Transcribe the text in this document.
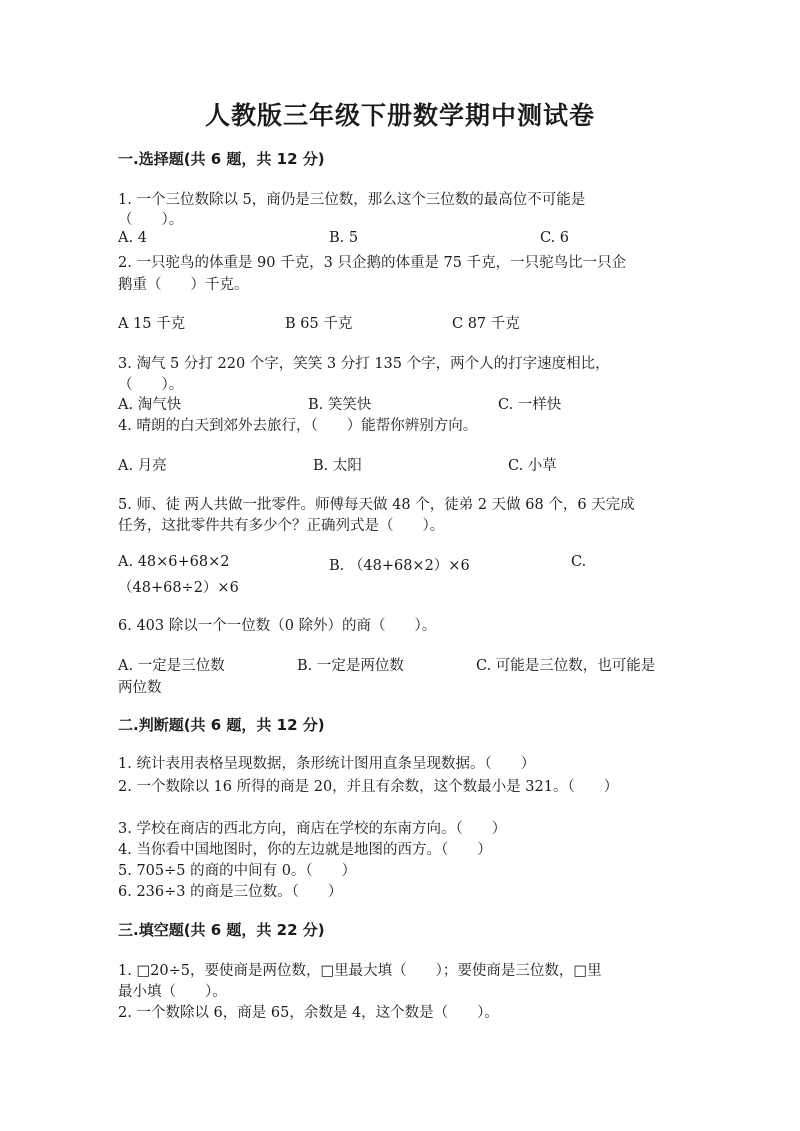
人教版三年级下册数学期中测试卷
一.选择题(共 6 题，共 12 分)
1. 一个三位数除以 5，商仍是三位数，那么这个三位数的最高位不可能是
（　　）。
A. 4	B. 5	C. 6
2. 一只驼鸟的体重是 90 千克，3 只企鹅的体重是 75 千克，一只驼鸟比一只企
鹅重（　　）千克。
A 15 千克	B 65 千克	C 87 千克
3. 淘气 5 分打 220 个字，笑笑 3 分打 135 个字，两个人的打字速度相比，
（　　）。
A. 淘气快	B. 笑笑快	C. 一样快
4. 晴朗的白天到郊外去旅行，（　　）能帮你辨别方向。
A. 月亮	B. 太阳	C. 小草
5. 师、徒 两人共做一批零件。师傅每天做 48 个，徒弟 2 天做 68 个，6 天完成
任务，这批零件共有多少个？正确列式是（　　）。
A. 48×6+68×2	B. （48+68×2）×6	C.
（48+68÷2）×6
6. 403 除以一个一位数（0 除外）的商（　　）。
A. 一定是三位数	B. 一定是两位数	C. 可能是三位数，也可能是
两位数
二.判断题(共 6 题，共 12 分)
1. 统计表用表格呈现数据，条形统计图用直条呈现数据。（　　）
2. 一个数除以 16 所得的商是 20，并且有余数，这个数最小是 321。（　　）
3. 学校在商店的西北方向，商店在学校的东南方向。（　　）
4. 当你看中国地图时，你的左边就是地图的西方。（　　）
5. 705÷5 的商的中间有 0。（　　）
6. 236÷3 的商是三位数。（　　）
三.填空题(共 6 题，共 22 分)
1. □20÷5，要使商是两位数，□里最大填（　　）；要使商是三位数，□里
最小填（　　）。
2. 一个数除以 6，商是 65，余数是 4，这个数是（　　）。
